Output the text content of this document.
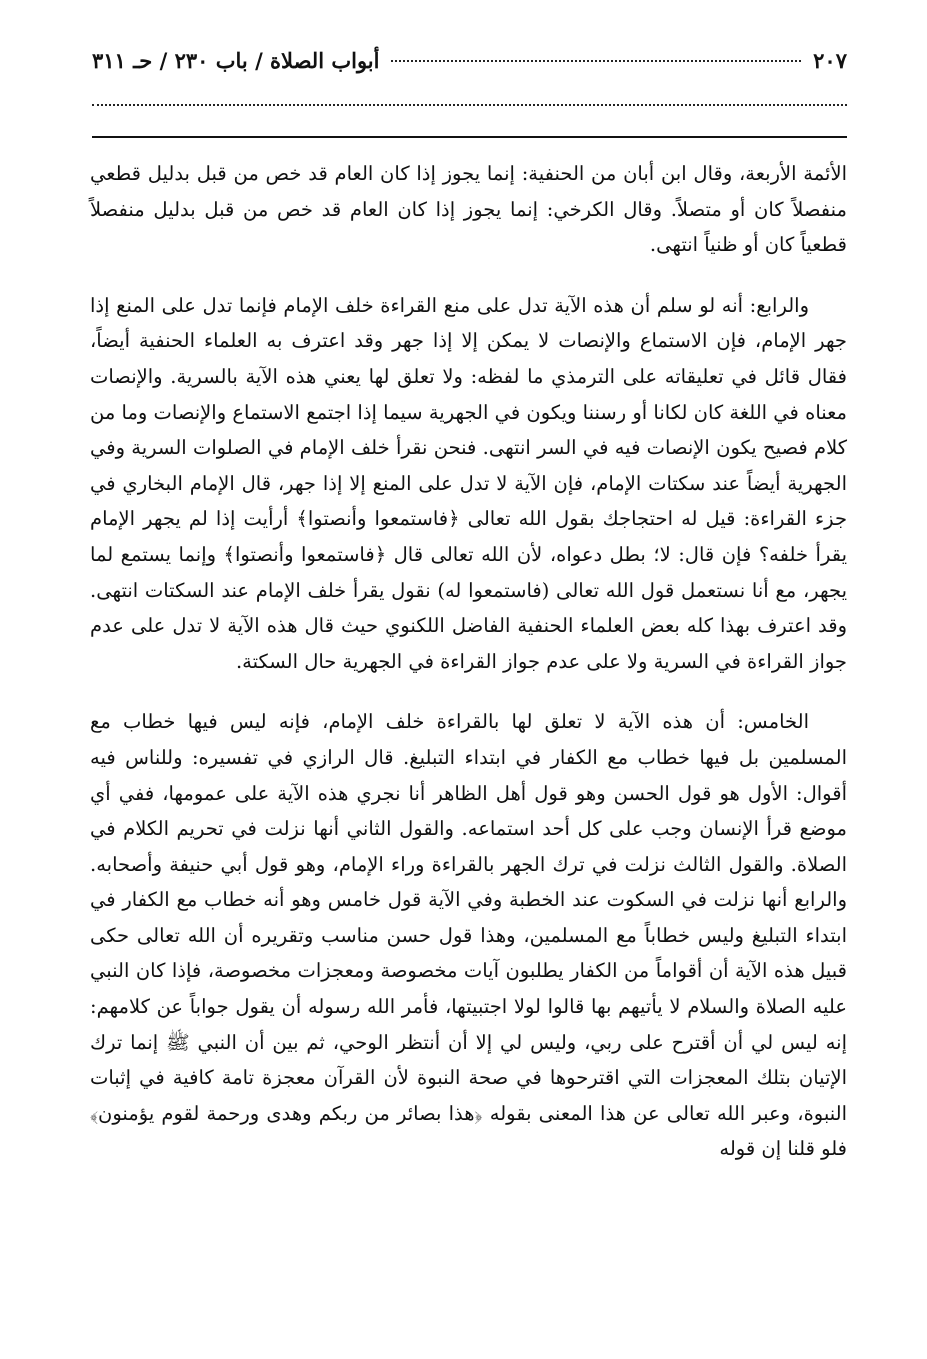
أبواب الصلاة / باب ٢٣٠ / حـ ٣١١	٢٠٧

الأئمة الأربعة، وقال ابن أبان من الحنفية: إنما يجوز إذا كان العام قد خص من قبل بدليل قطعي منفصلاً كان أو متصلاً. وقال الكرخي: إنما يجوز إذا كان العام قد خص من قبل بدليل منفصلاً قطعياً كان أو ظنياً انتهى.

والرابع: أنه لو سلم أن هذه الآية تدل على منع القراءة خلف الإمام فإنما تدل على المنع إذا جهر الإمام، فإن الاستماع والإنصات لا يمكن إلا إذا جهر وقد اعترف به العلماء الحنفية أيضاً، فقال قائل في تعليقاته على الترمذي ما لفظه: ولا تعلق لها يعني هذه الآية بالسرية. والإنصات معناه في اللغة كان لكانا أو رسننا ويكون في الجهرية سيما إذا اجتمع الاستماع والإنصات وما من كلام فصيح يكون الإنصات فيه في السر انتهى. فنحن نقرأ خلف الإمام في الصلوات السرية وفي الجهرية أيضاً عند سكتات الإمام، فإن الآية لا تدل على المنع إلا إذا جهر، قال الإمام البخاري في جزء القراءة: قيل له احتجاجك بقول الله تعالى ﴿فاستمعوا وأنصتوا﴾ أرأيت إذا لم يجهر الإمام يقرأ خلفه؟ فإن قال: لا؛ بطل دعواه، لأن الله تعالى قال ﴿فاستمعوا وأنصتوا﴾ وإنما يستمع لما يجهر، مع أنا نستعمل قول الله تعالى (فاستمعوا له) نقول يقرأ خلف الإمام عند السكتات انتهى. وقد اعترف بهذا كله بعض العلماء الحنفية الفاضل اللكنوي حيث قال هذه الآية لا تدل على عدم جواز القراءة في السرية ولا على عدم جواز القراءة في الجهرية حال السكتة.

الخامس: أن هذه الآية لا تعلق لها بالقراءة خلف الإمام، فإنه ليس فيها خطاب مع المسلمين بل فيها خطاب مع الكفار في ابتداء التبليغ. قال الرازي في تفسيره: وللناس فيه أقوال: الأول هو قول الحسن وهو قول أهل الظاهر أنا نجري هذه الآية على عمومها، ففي أي موضع قرأ الإنسان وجب على كل أحد استماعه. والقول الثاني أنها نزلت في تحريم الكلام في الصلاة. والقول الثالث نزلت في ترك الجهر بالقراءة وراء الإمام، وهو قول أبي حنيفة وأصحابه. والرابع أنها نزلت في السكوت عند الخطبة وفي الآية قول خامس وهو أنه خطاب مع الكفار في ابتداء التبليغ وليس خطاباً مع المسلمين، وهذا قول حسن مناسب وتقريره أن الله تعالى حكى قبيل هذه الآية أن أقواماً من الكفار يطلبون آيات مخصوصة ومعجزات مخصوصة، فإذا كان النبي عليه الصلاة والسلام لا يأتيهم بها قالوا لولا اجتبيتها، فأمر الله رسوله أن يقول جواباً عن كلامهم: إنه ليس لي أن أقترح على ربي، وليس لي إلا أن أنتظر الوحي، ثم بين أن النبي ﷺ إنما ترك الإتيان بتلك المعجزات التي اقترحوها في صحة النبوة لأن القرآن معجزة تامة كافية في إثبات النبوة، وعبر الله تعالى عن هذا المعنى بقوله ﴿هذا بصائر من ربكم وهدى ورحمة لقوم يؤمنون﴾ فلو قلنا إن قوله
